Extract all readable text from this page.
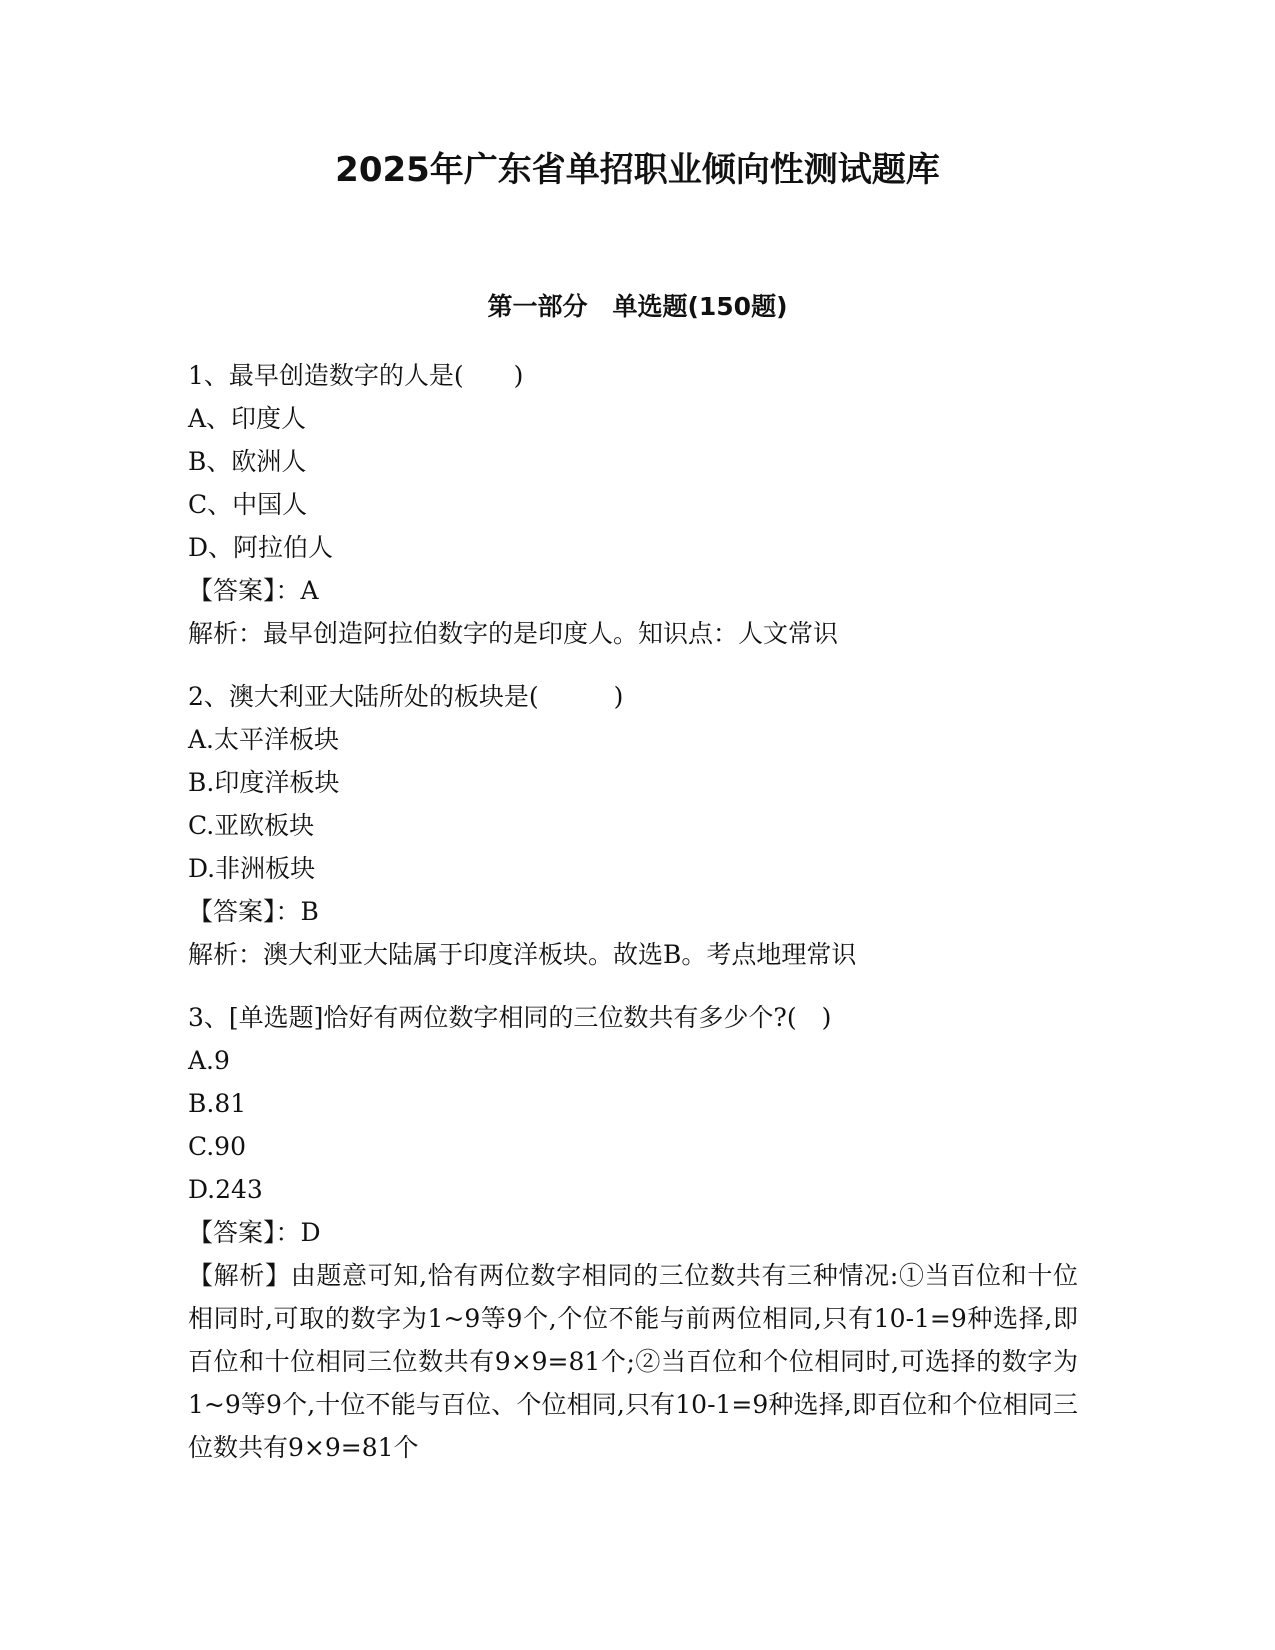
2025年广东省单招职业倾向性测试题库
第一部分　单选题(150题)

1、最早创造数字的人是(　　)

A、印度人

B、欧洲人

C、中国人

D、阿拉伯人

【答案】：A

解析：最早创造阿拉伯数字的是印度人。知识点：人文常识

2、澳大利亚大陆所处的板块是(　　　)

A.太平洋板块

B.印度洋板块

C.亚欧板块

D.非洲板块

【答案】：B

解析：澳大利亚大陆属于印度洋板块。故选B。考点地理常识

3、[单选题]恰好有两位数字相同的三位数共有多少个?(　)

A.9

B.81

C.90

D.243

【答案】：D

【解析】由题意可知,恰有两位数字相同的三位数共有三种情况:①当百位和十位相同时,可取的数字为1~9等9个,个位不能与前两位相同,只有10-1=9种选择,即百位和十位相同三位数共有9×9=81个;②当百位和个位相同时,可选择的数字为1~9等9个,十位不能与百位、个位相同,只有10-1=9种选择,即百位和个位相同三位数共有9×9=81个
